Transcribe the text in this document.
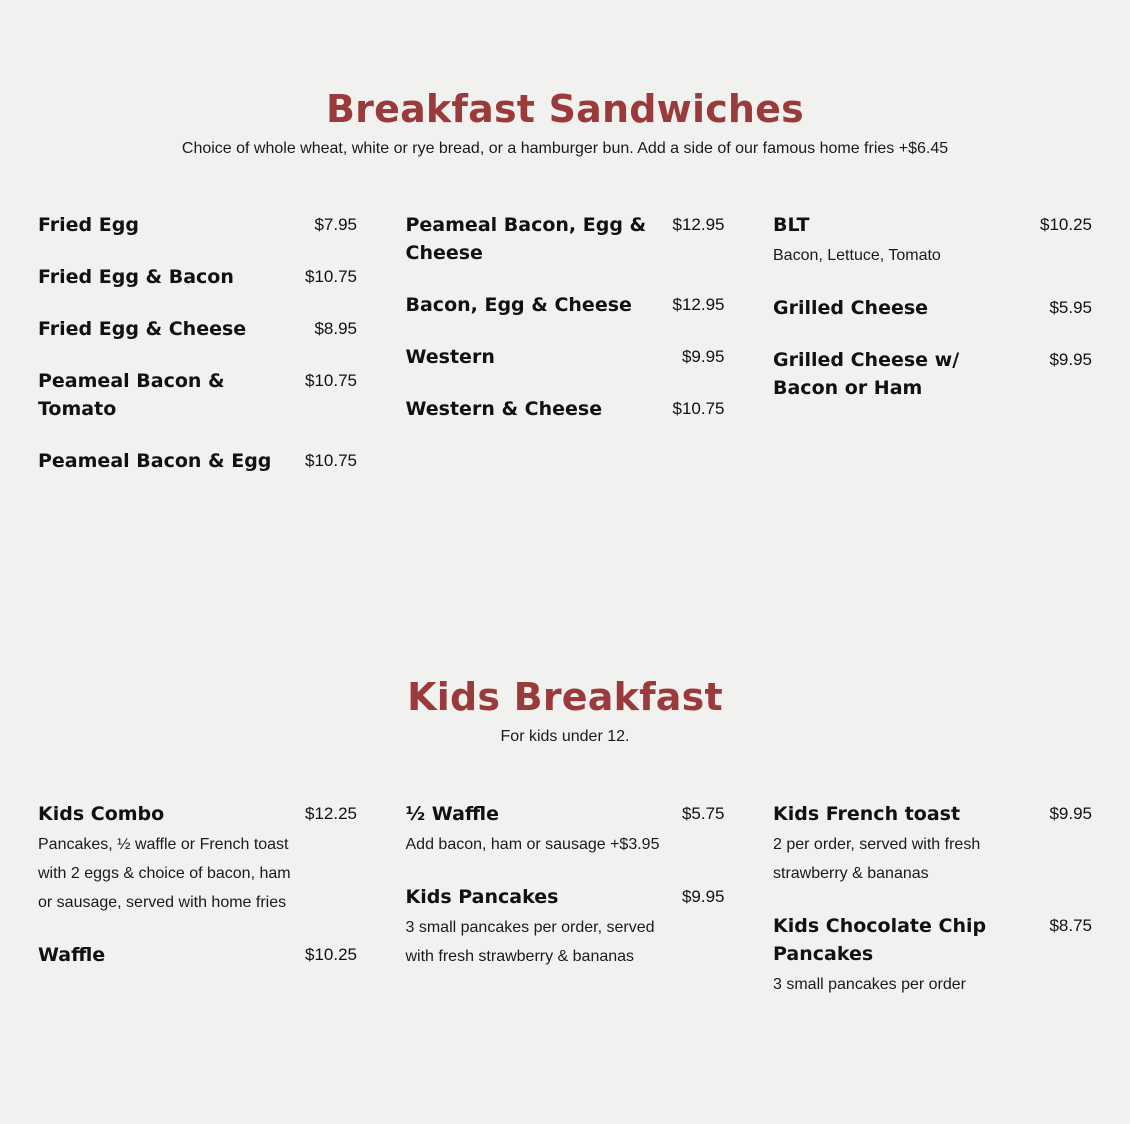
Breakfast Sandwiches

Choice of whole wheat, white or rye bread, or a hamburger bun. Add a side of our famous home fries +$6.45

Fried Egg	$7.95
Fried Egg & Bacon	$10.75
Fried Egg & Cheese	$8.95
Peameal Bacon & Tomato
$10.75
Peameal Bacon & Egg	$10.75
Peameal Bacon, Egg & Cheese
$12.95
Bacon, Egg & Cheese	$12.95
Western	$9.95
Western & Cheese	$10.75
BLT	$10.25
Bacon, Lettuce, Tomato
Grilled Cheese	$5.95
Grilled Cheese w/ Bacon or Ham
$9.95
Kids Breakfast

For kids under 12.

Kids Combo	$12.25
Pancakes, ½ waffle or French toast with 2 eggs & choice of bacon, ham or sausage, served with home fries
Waffle	$10.25
½ Waffle	$5.75
Add bacon, ham or sausage +$3.95
Kids Pancakes	$9.95
3 small pancakes per order, served with fresh strawberry & bananas
Kids French toast	$9.95
2 per order, served with fresh strawberry & bananas
Kids Chocolate Chip Pancakes
$8.75
3 small pancakes per order
